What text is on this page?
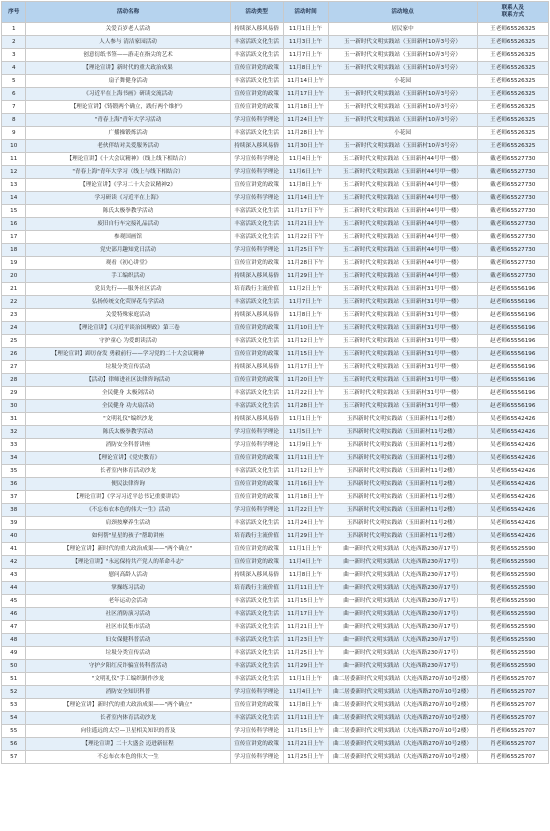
序号	活动名称	活动类型	活动时间	活动地点	联系人及
联系方式

1	关爱百岁老人活动	持续深入移风易俗	11月1日上午	居民家中	王老师65526325
2	人人参与 清洁家园活动	丰富活跃文化生活	11月3日上午	玉一新时代文明实践站（玉田新村10弄3号旁）	王老师65526325
3	创意衍纸书签——游走在指尖的艺术	丰富活跃文化生活	11月7日上午	玉一新时代文明实践站（玉田新村10弄3号旁）	王老师65526325
4	【理论宣讲】新时代的重大政治成果	宣传宣讲党的政策	11月8日上午	玉一新时代文明实践站（玉田新村10弄3号旁）	王老师65526325
5	扇子舞健身活动	丰富活跃文化生活	11月14日上午	小花园	王老师65526325
6	《习近平在上海书画》研读交流活动	宣传宣讲党的政策	11月17日上午	玉一新时代文明实践站（玉田新村10弄3号旁）	王老师65526325
7	【理论宣讲】《铸锻两个确立，践行两个维护》	宣传宣讲党的政策	11月18日上午	玉一新时代文明实践站（玉田新村10弄3号旁）	王老师65526325
8	"青春上海"青年大学习活动	学习宣传科学理论	11月24日上午	玉一新时代文明实践站（玉田新村10弄3号旁）	王老师65526325
9	广播操锻炼活动	丰富活跃文化生活	11月28日上午	小花园	王老师65526325
10	老伙伴结对关爱服务活动	持续深入移风易俗	11月30日上午	玉一新时代文明实践站（玉田新村10弄3号旁）	王老师65526325
11	【理论宣讲】《十大会议精神》（线上线下相结合）	学习宣传科学理论	11月4日上午	玉二新时代文明实践站（玉田新村44号甲一楼）	戴老师65527730
12	"青春上海"青年大学习（线上与线下相结合）	学习宣传科学理论	11月6日上午	玉二新时代文明实践站（玉田新村44号甲一楼）	戴老师65527730
13	【理论宣讲】《学习二十大会议精神2》	宣传宣讲党的政策	11月8日上午	玉二新时代文明实践站（玉田新村44号甲一楼）	戴老师65527730
14	学习研读《习近平在上海》	学习宣传科学理论	11月14日上午	玉二新时代文明实践站（玉田新村44号甲一楼）	戴老师65527730
15	陈氏太极拳教学活动	丰富活跃文化生活	11月17日下午	玉二新时代文明实践站（玉田新村44号甲一楼）	戴老师65527730
16	废旧自行车完接礼品活动	丰富活跃文化生活	11月21日上午	玉二新时代文明实践站（玉田新村44号甲一楼）	戴老师65527730
17	参观国画馆	丰富活跃文化生活	11月22日下午	玉二新时代文明实践站（玉田新村44号甲一楼）	戴老师65527730
18	党史部月趣知党日活动	学习宣传科学理论	11月25日下午	玉二新时代文明实践站（玉田新村44号甲一楼）	戴老师65527730
19	观看《初心讲堂》	宣传宣讲党的政策	11月28日下午	玉二新时代文明实践站（玉田新村44号甲一楼）	戴老师65527730
20	手工编织活动	持续深入移风易俗	11月29日上午	玉二新时代文明实践站（玉田新村44号甲一楼）	戴老师65527730
21	党员先行——服务社区活动	培育践行主流价值	11月2日上午	玉三新时代文明实践站（玉田新村31号甲一楼）	赵老师65556196
22	弘扬传统文化荧屏花鸟学活动	丰富活跃文化生活	11月7日上午	玉三新时代文明实践站（玉田新村31号甲一楼）	赵老师65556196
23	关爱特殊家庭活动	持续深入移风易俗	11月8日上午	玉三新时代文明实践站（玉田新村31号甲一楼）	赵老师65556196
24	【理论宣讲】《习近平谈治国理政》第三卷	宣传宣讲党的政策	11月10日上午	玉三新时代文明实践站（玉田新村31号甲一楼）	赵老师65556196
25	守护童心 为爱朗读活动	丰富活跃文化生活	11月12日上午	玉三新时代文明实践站（玉田新村31号甲一楼）	赵老师65556196
26	【理论宣讲】踔厉奋发 勇毅前行——学习党的二十大会议精神	宣传宣讲党的政策	11月15日上午	玉三新时代文明实践站（玉田新村31号甲一楼）	赵老师65556196
27	垃圾分类宣传活动	持续深入移风易俗	11月17日上午	玉三新时代文明实践站（玉田新村31号甲一楼）	赵老师65556196
28	【活动】律师进社区法律咨询活动	宣传宣讲党的政策	11月20日上午	玉三新时代文明实践站（玉田新村31号甲一楼）	赵老师65556196
29	全民健身 太极剑活动	丰富活跃文化生活	11月22日上午	玉三新时代文明实践站（玉田新村31号甲一楼）	赵老师65556196
30	全民健身 功夫扇活动	丰富活跃文化生活	11月28日上午	玉三新时代文明实践站（玉田新村31号甲一楼）	赵老师65556196
31	"文明礼仪"编织沙龙	持续深入移风易俗	11月1日上午	玉四新时代文明实践站（玉田新村11号2楼）	吴老师65542426
32	陈氏太极拳教学活动	学习宣传科学理论	11月5日上午	玉四新时代文明实践站（玉田新村11号2楼）	吴老师65542426
33	消防安全科普讲座	学习宣传科学理论	11月9日上午	玉四新时代文明实践站（玉田新村11号2楼）	吴老师65542426
34	【理论宣讲】《党史教育》	宣传宣讲党的政策	11月11日上午	玉四新时代文明实践站（玉田新村11号2楼）	吴老师65542426
35	长者室内体育活动沙龙	丰富活跃文化生活	11月12日上午	玉四新时代文明实践站（玉田新村11号2楼）	吴老师65542426
36	便民法律咨询	宣传宣讲党的政策	11月16日上午	玉四新时代文明实践站（玉田新村11号2楼）	吴老师65542426
37	【理论宣讲】《学习习近平总书记重要讲话》	宣传宣讲党的政策	11月18日上午	玉四新时代文明实践站（玉田新村11号2楼）	吴老师65542426
38	《不忘布衣本色的伟大一生》活动	学习宣传科学理论	11月22日上午	玉四新时代文明实践站（玉田新村11号2楼）	吴老师65542426
39	肩颈按摩养生活动	丰富活跃文化生活	11月24日上午	玉四新时代文明实践站（玉田新村11号2楼）	吴老师65542426
40	如何帮"星星的孩子"帮助讲座	培育践行主流价值	11月29日上午	玉四新时代文明实践站（玉田新村11号2楼）	吴老师65542426
41	【理论宣讲】新时代的重大政治成果——"两个确立"	宣传宣讲党的政策	11月1日上午	曲一新时代文明实践站（大连西路230弄17号）	倪老师65525590
42	【理论宣讲】"永远保持共产党人的革命斗志"	宣传宣讲党的政策	11月4日上午	曲一新时代文明实践站（大连西路230弄17号）	倪老师65525590
43	慰问高龄人活动	持续深入移风易俗	11月8日上午	曲一新时代文明实践站（大连西路230弄17号）	倪老师65525590
44	掌操练习活动	培育践行主流价值	11月11日上午	曲一新时代文明实践站（大连西路230弄17号）	倪老师65525590
45	老年运动会活动	丰富活跃文化生活	11月15日上午	曲一新时代文明实践站（大连西路230弄17号）	倪老师65525590
46	社区消防演习活动	丰富活跃文化生活	11月17日上午	曲一新时代文明实践站（大连西路230弄17号）	倪老师65525590
47	社区市民集市活动	丰富活跃文化生活	11月21日上午	曲一新时代文明实践站（大连西路230弄17号）	倪老师65525590
48	妇女保健科普活动	丰富活跃文化生活	11月23日上午	曲一新时代文明实践站（大连西路230弄17号）	倪老师65525590
49	垃圾分类宣传活动	丰富活跃文化生活	11月25日上午	曲一新时代文明实践站（大连西路230弄17号）	倪老师65525590
50	守护夕阳红反诈骗宣传科普活动	丰富活跃文化生活	11月29日上午	曲一新时代文明实践站（大连西路230弄17号）	倪老师65525590
51	"文明礼仪"手工编织制作沙龙	丰富活跃文化生活	11月1日上午	曲二居委新时代文明实践站（大连西路270弄10号2楼）	肖老师65525707
52	消防安全知识科普	学习宣传科学理论	11月4日上午	曲二居委新时代文明实践站（大连西路270弄10号2楼）	肖老师65525707
53	【理论宣讲】新时代的重大政治成果——"两个确立"	宣传宣讲党的政策	11月8日上午	曲二居委新时代文明实践站（大连西路270弄10号2楼）	肖老师65525707
54	长者室内体育活动沙龙	丰富活跃文化生活	11月11日上午	曲二居委新时代文明实践站（大连西路270弄10号2楼）	肖老师65525707
55	向往遥远的太空—卫星相关知识的普及	学习宣传科学理论	11月15日上午	曲二居委新时代文明实践站（大连西路270弄10号2楼）	肖老师65525707
56	【理论宣讲】二十大盛会 迈进新征程	宣传宣讲党的政策	11月21日上午	曲二居委新时代文明实践站（大连西路270弄10号2楼）	肖老师65525707
57	不忘布衣本色的伟大一生	学习宣传科学理论	11月25日上午	曲二居委新时代文明实践站（大连西路270弄10号2楼）	肖老师65525707
